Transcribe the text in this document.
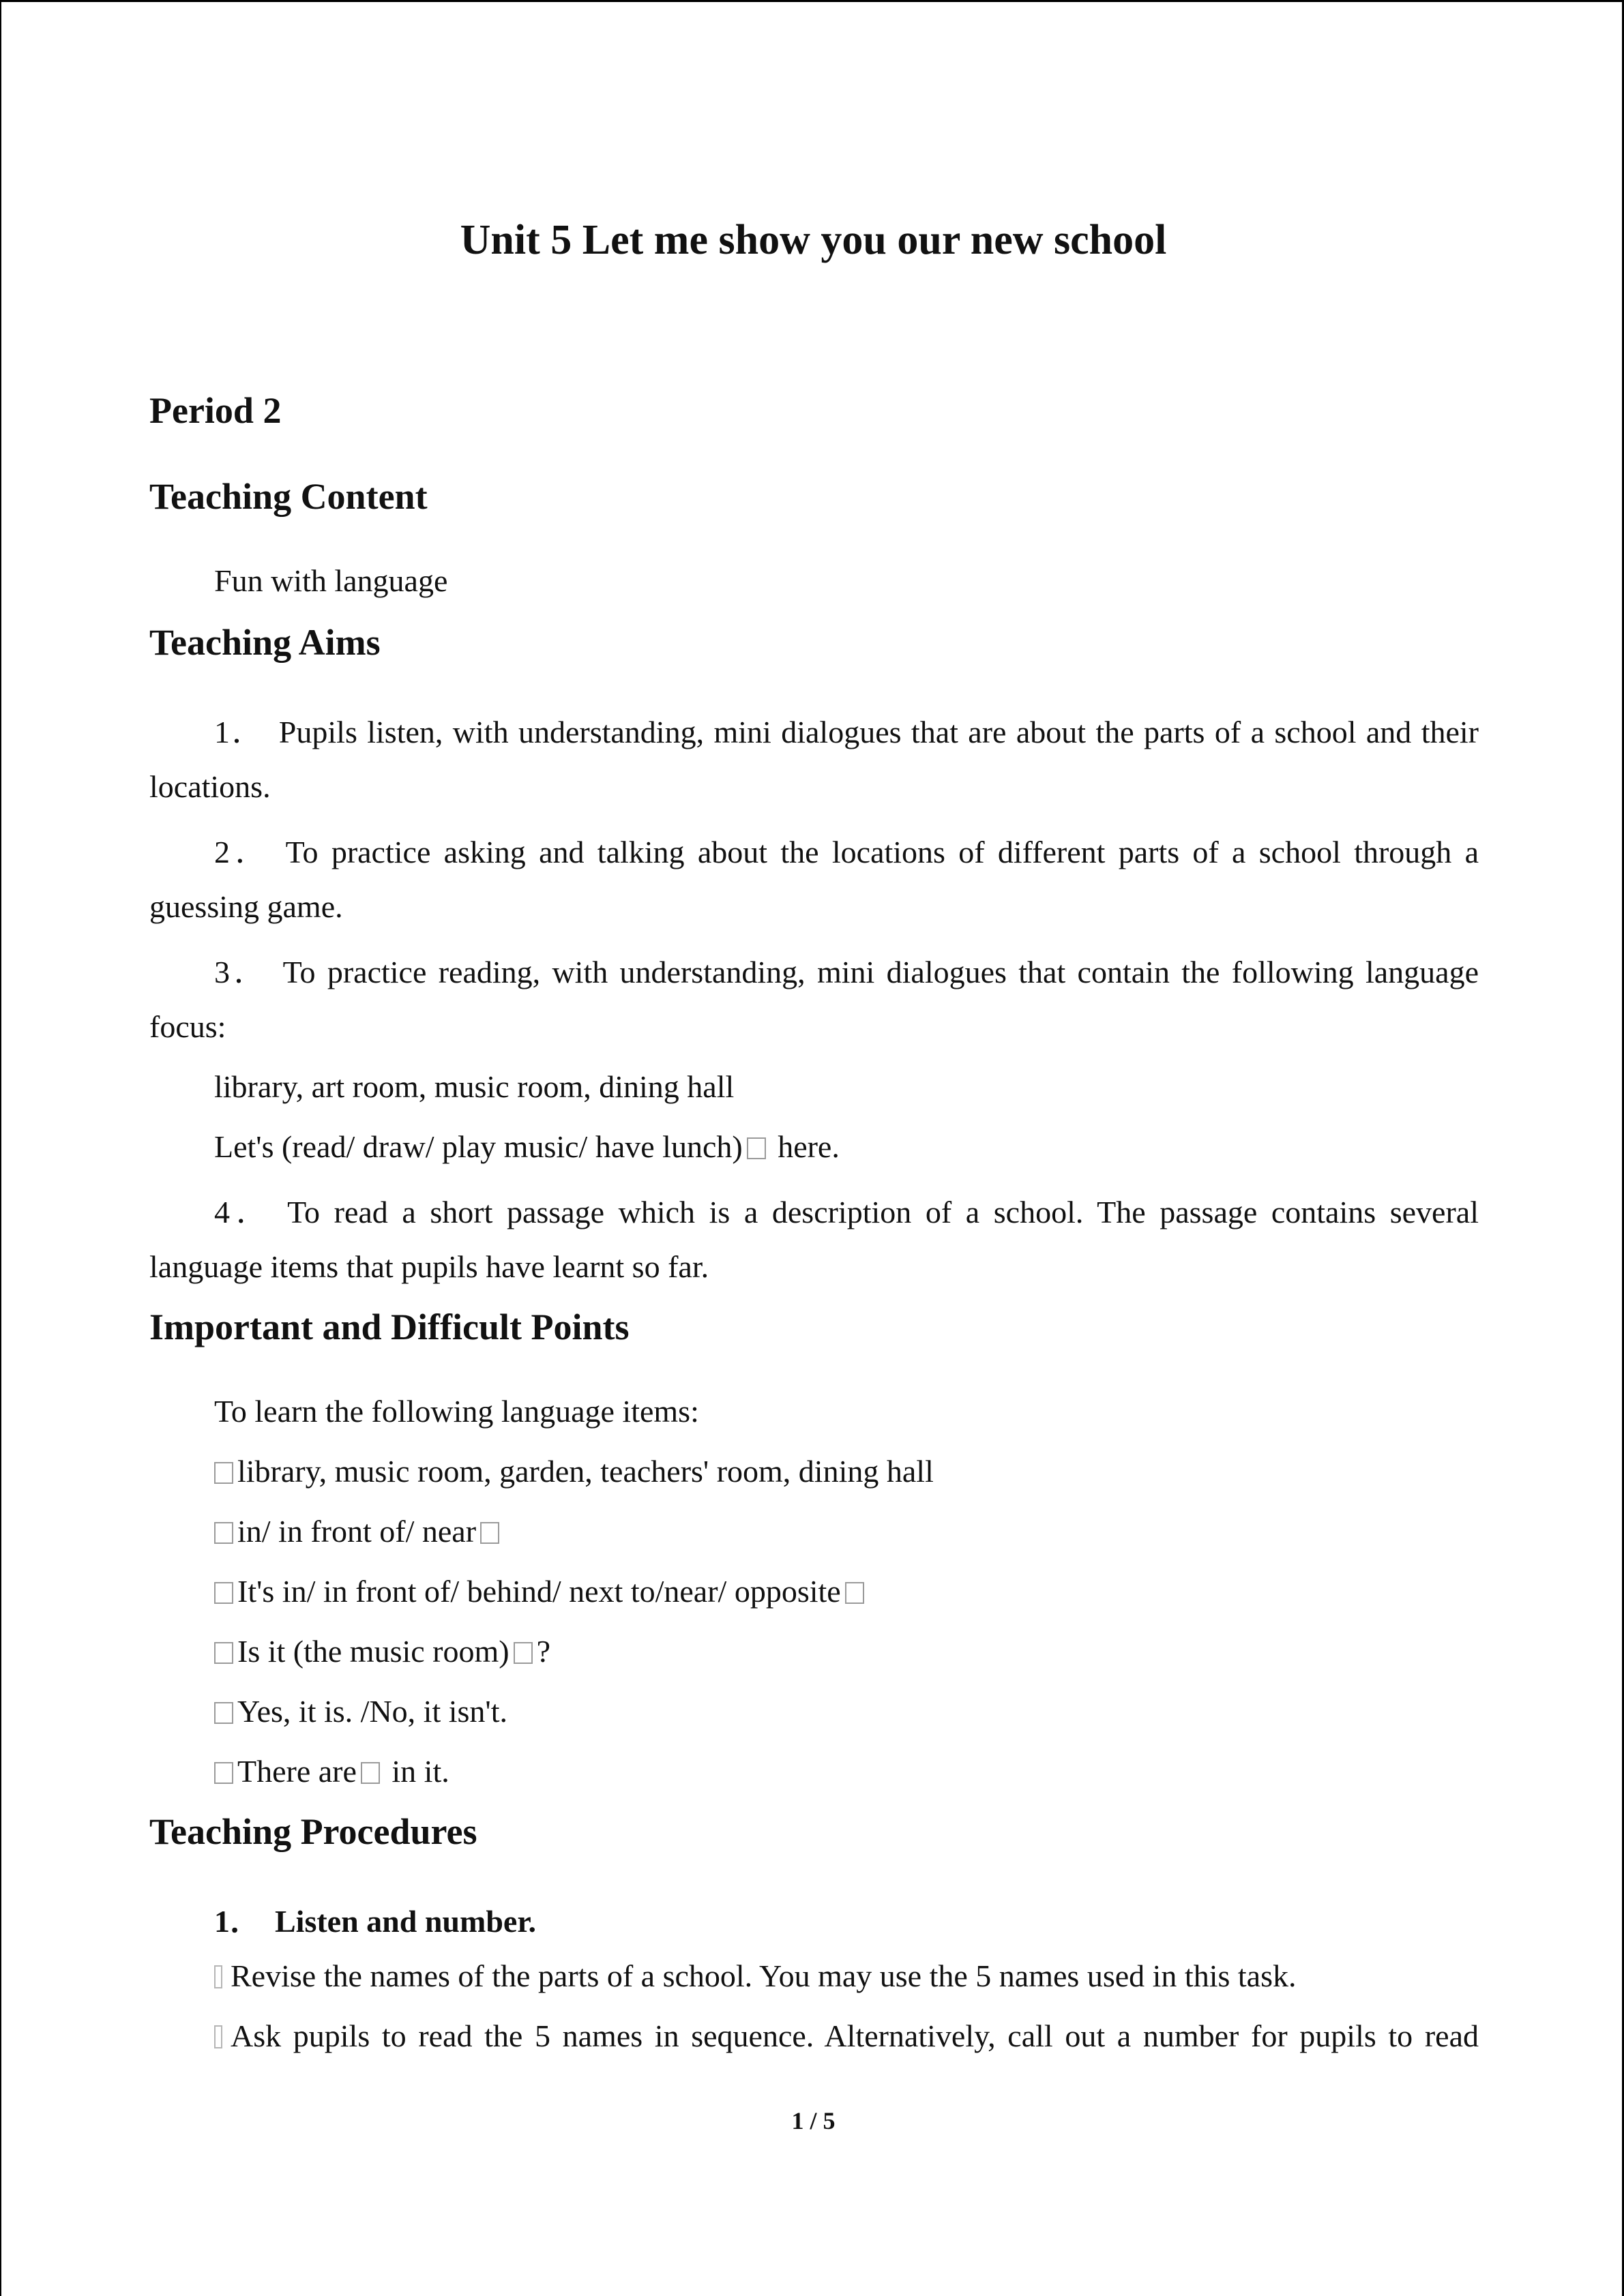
Unit 5 Let me show you our new school
Period 2
Teaching Content
Fun with language
Teaching Aims
1． Pupils listen, with understanding, mini dialogues that are about the parts of a school and their
locations.
2． To practice asking and talking about the locations of different parts of a school through a
guessing game.
3． To practice reading, with understanding, mini dialogues that contain the following language
focus:
library, art room, music room, dining hall
Let's (read/ draw/ play music/ have lunch) here.
4． To read a short passage which is a description of a school. The passage contains several
language items that pupils have learnt so far.
Important and Difficult Points
To learn the following language items:
library, music room, garden, teachers' room, dining hall
in/ in front of/ near
It's in/ in front of/ behind/ next to/near/ opposite
Is it (the music room) ?
Yes, it is. /No, it isn't.
There are in it.
Teaching Procedures
1． Listen and number.
Revise the names of the parts of a school. You may use the 5 names used in this task.
Ask pupils to read the 5 names in sequence. Alternatively, call out a number for pupils to read
1 / 5
